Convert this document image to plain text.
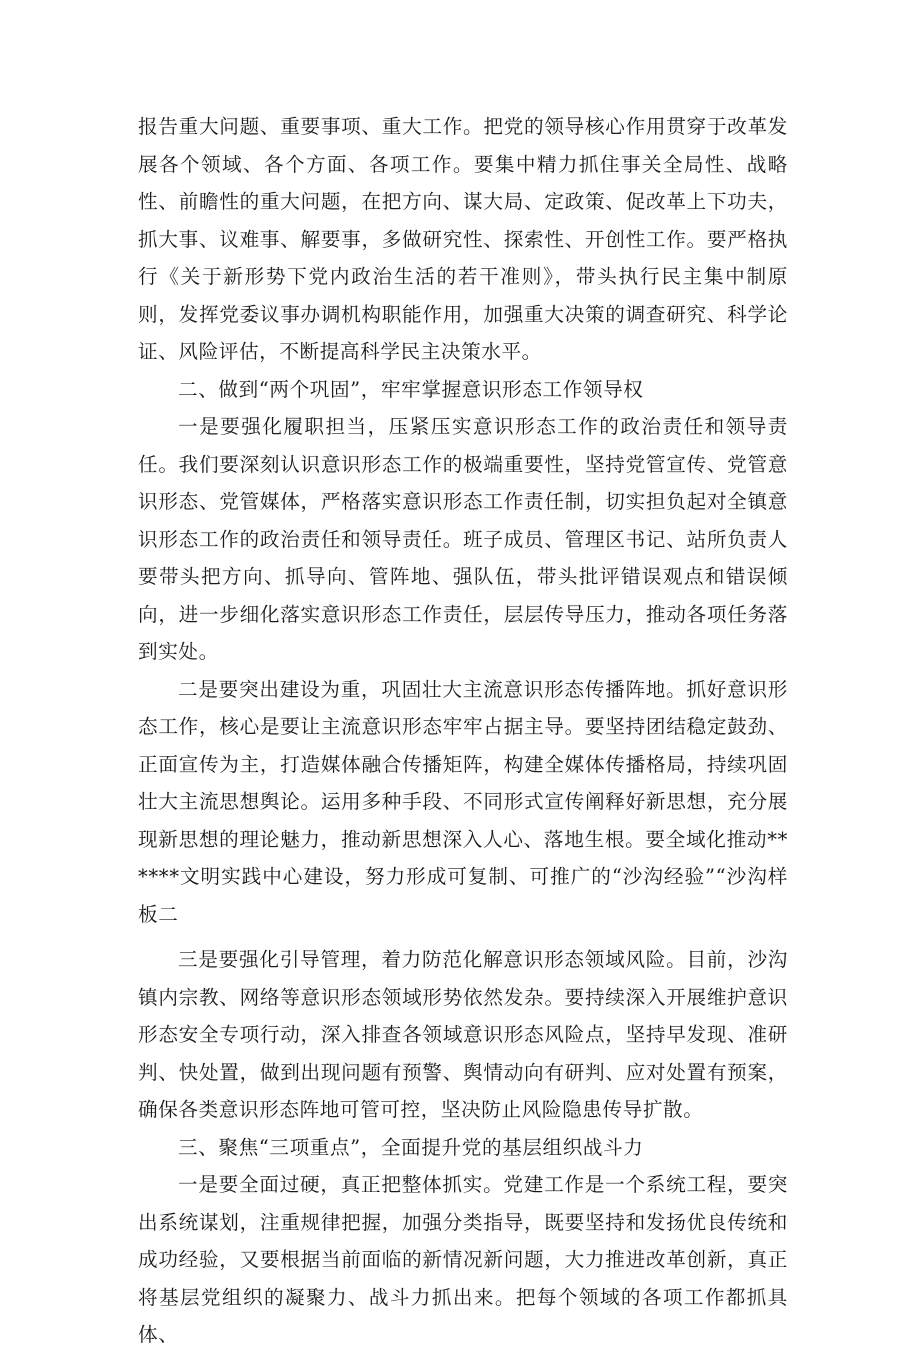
报告重大问题、重要事项、重大工作。把党的领导核心作用贯穿于改革发展各个领域、各个方面、各项工作。要集中精力抓住事关全局性、战略性、前瞻性的重大问题，在把方向、谋大局、定政策、促改革上下功夫，抓大事、议难事、解要事，多做研究性、探索性、开创性工作。要严格执行《关于新形势下党内政治生活的若干准则》，带头执行民主集中制原则，发挥党委议事办调机构职能作用，加强重大决策的调查研究、科学论证、风险评估，不断提高科学民主决策水平。

二、做到“两个巩固”，牢牢掌握意识形态工作领导权

一是要强化履职担当，压紧压实意识形态工作的政治责任和领导责任。我们要深刻认识意识形态工作的极端重要性，坚持党管宣传、党管意识形态、党管媒体，严格落实意识形态工作责任制，切实担负起对全镇意识形态工作的政治责任和领导责任。班子成员、管理区书记、站所负责人要带头把方向、抓导向、管阵地、强队伍，带头批评错误观点和错误倾向，进一步细化落实意识形态工作责任，层层传导压力，推动各项任务落到实处。

二是要突出建设为重，巩固壮大主流意识形态传播阵地。抓好意识形态工作，核心是要让主流意识形态牢牢占据主导。要坚持团结稳定鼓劲、正面宣传为主，打造媒体融合传播矩阵，构建全媒体传播格局，持续巩固壮大主流思想舆论。运用多种手段、不同形式宣传阐释好新思想，充分展现新思想的理论魅力，推动新思想深入人心、落地生根。要全域化推动******文明实践中心建设，努力形成可复制、可推广的“沙沟经验”“沙沟样板二

三是要强化引导管理，着力防范化解意识形态领域风险。目前，沙沟镇内宗教、网络等意识形态领域形势依然发杂。要持续深入开展维护意识形态安全专项行动，深入排查各领域意识形态风险点，坚持早发现、准研判、快处置，做到出现问题有预警、舆情动向有研判、应对处置有预案，确保各类意识形态阵地可管可控，坚决防止风险隐患传导扩散。

三、聚焦“三项重点”，全面提升党的基层组织战斗力

一是要全面过硬，真正把整体抓实。党建工作是一个系统工程，要突出系统谋划，注重规律把握，加强分类指导，既要坚持和发扬优良传统和成功经验，又要根据当前面临的新情况新问题，大力推进改革创新，真正将基层党组织的凝聚力、战斗力抓出来。把每个领域的各项工作都抓具体、
